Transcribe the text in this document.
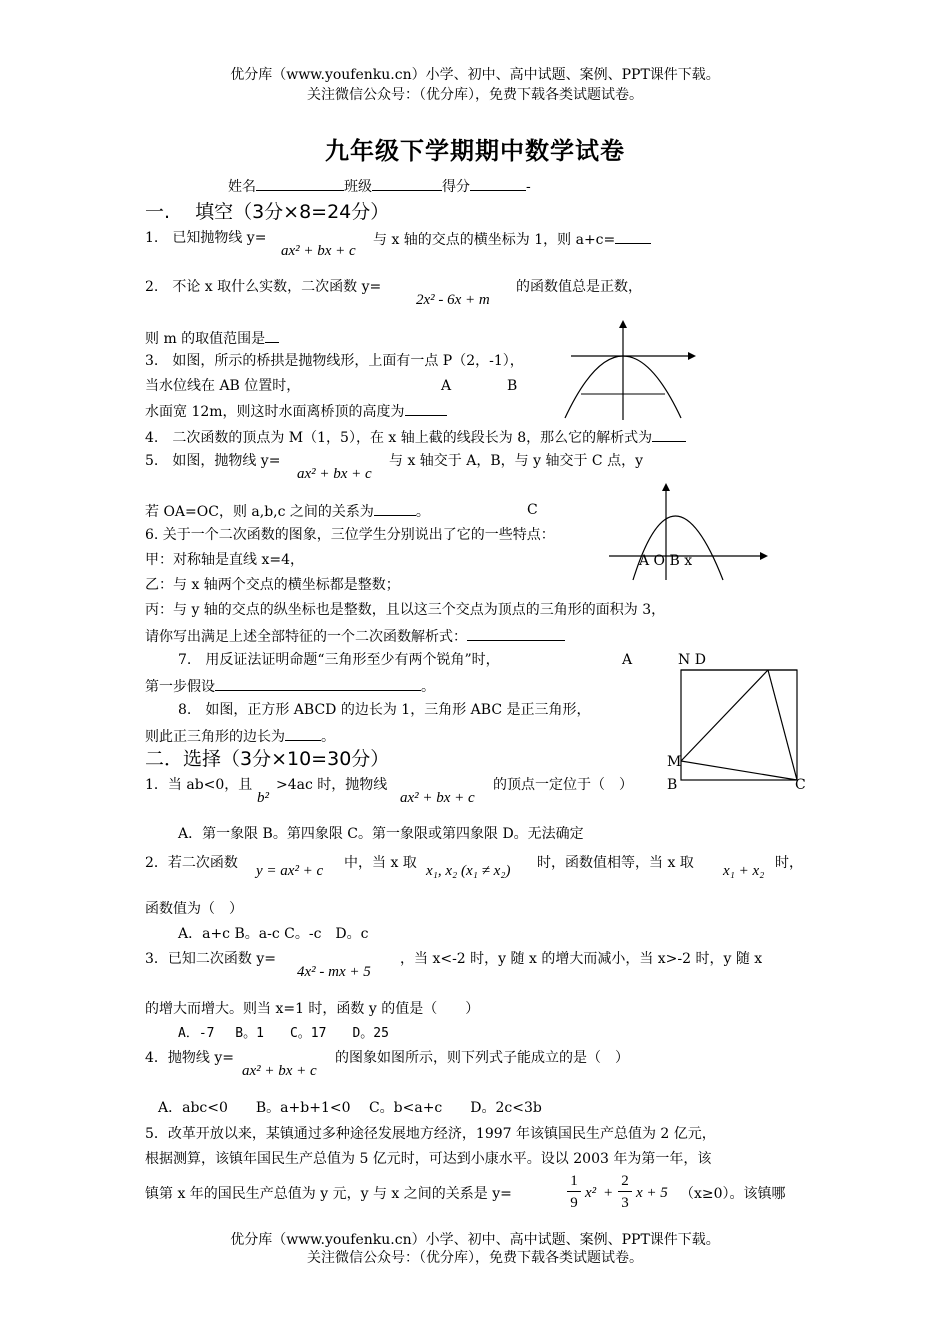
优分库（www.youfenku.cn）小学、初中、高中试题、案例、PPT课件下载。
关注微信公众号：（优分库），免费下载各类试题试卷。
九年级下学期期中数学试卷
姓名	班级	得分	-
一.　 填空（3分×8=24分）
1.　已知抛物线 y=
ax² + bx + c
与 x 轴的交点的横坐标为 1，则 a+c=
2.　不论 x 取什么实数，二次函数 y=
2x² - 6x + m
的函数值总是正数，
则 m 的取值范围是
3.　如图，所示的桥拱是抛物线形，上面有一点 P（2，-1），
当水位线在 AB 位置时，	A	B
水面宽 12m，则这时水面离桥顶的高度为
4.　二次函数的顶点为 M（1，5），在 x 轴上截的线段长为 8，那么它的解析式为
5.　如图，抛物线 y=
ax² + bx + c
与 x 轴交于 A，B，与 y 轴交于 C 点，y
若 OA=OC，则 a,b,c 之间的关系为	。	C
A O B x
6. 关于一个二次函数的图象，三位学生分别说出了它的一些特点：
甲：对称轴是直线 x=4，
乙：与 x 轴两个交点的横坐标都是整数；
丙：与 y 轴的交点的纵坐标也是整数，且以这三个交点为顶点的三角形的面积为 3，
请你写出满足上述全部特征的一个二次函数解析式：
7.　用反证法证明命题“三角形至少有两个锐角”时，	A	N D
第一步假设	。
8.　如图，正方形 ABCD 的边长为 1，三角形 ABC 是正三角形，
则此正三角形的边长为	。
M
B	C
二．选择（3分×10=30分）
1．当 ab<0，且
b²
>4ac 时，抛物线
ax² + bx + c
的顶点一定位于（　）
A．第一象限 B。第四象限 C。第一象限或第四象限 D。无法确定
2．若二次函数 y = ax² + c 中，当 x 取 x₁, x₂ (x₁ ≠ x₂) 时，函数值相等，当 x 取 x₁ + x₂ 时，
函数值为（　）
A．a+c B。a-c C。-c　D。c
3．已知二次函数 y=
4x² - mx + 5
，当 x<-2 时，y 随 x 的增大而减小，当 x>-2 时，y 随 x
的增大而增大。则当 x=1 时，函数 y 的值是（　　）
A．-7　 B。1　　C。17　　D。25
4．抛物线 y=
ax² + bx + c
的图象如图所示，则下列式子能成立的是（　）
A．abc<0　　B。a+b+1<0　 C。b<a+c　　D。2c<3b
5．改革开放以来，某镇通过多种途径发展地方经济，1997 年该镇国民生产总值为 2 亿元，
根据测算，该镇年国民生产总值为 5 亿元时，可达到小康水平。设以 2003 年为第一年，该
镇第 x 年的国民生产总值为 y 元，y 与 x 之间的关系是 y=
1
9
x² +
2
3
x + 5 （x≥0）。该镇哪
优分库（www.youfenku.cn）小学、初中、高中试题、案例、PPT课件下载。
关注微信公众号：（优分库），免费下载各类试题试卷。
